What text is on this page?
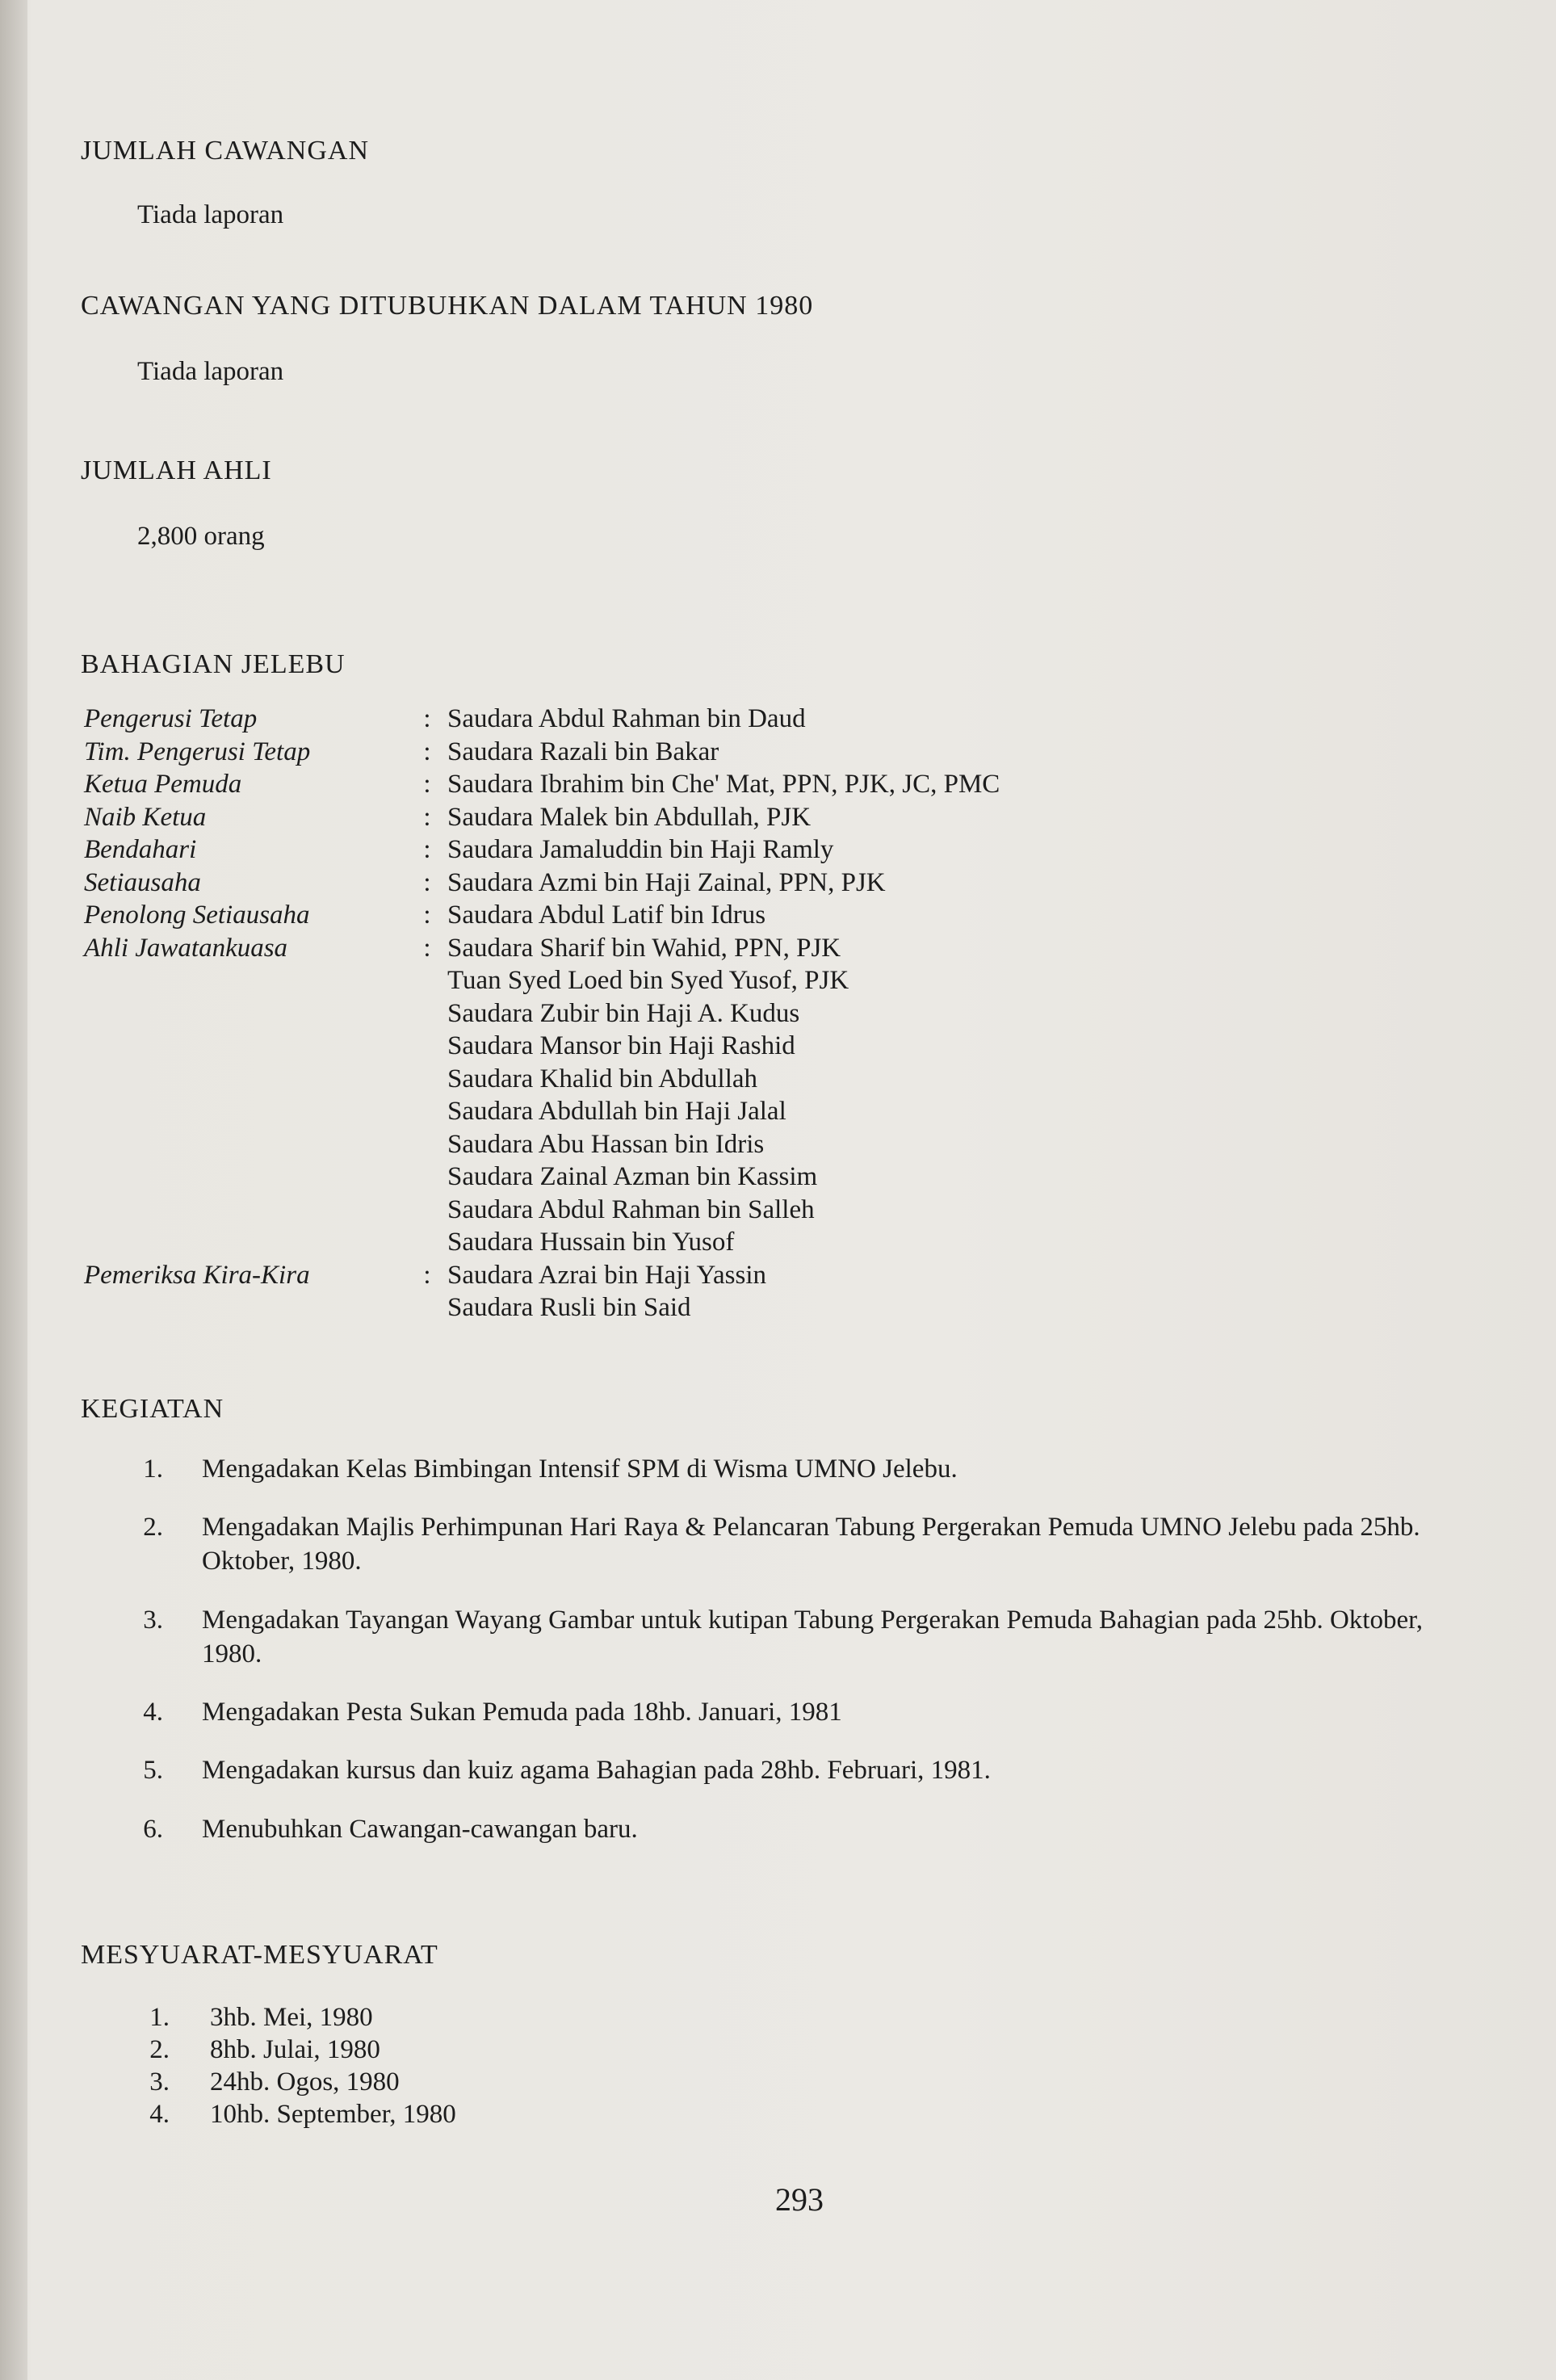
JUMLAH CAWANGAN
Tiada laporan
CAWANGAN YANG DITUBUHKAN DALAM TAHUN 1980
Tiada laporan
JUMLAH AHLI
2,800 orang
BAHAGIAN JELEBU
Pengerusi Tetap	: Saudara Abdul Rahman bin Daud
Tim. Pengerusi Tetap	: Saudara Razali bin Bakar
Ketua Pemuda	: Saudara Ibrahim bin Che' Mat, PPN, PJK, JC, PMC
Naib Ketua	: Saudara Malek bin Abdullah, PJK
Bendahari	: Saudara Jamaluddin bin Haji Ramly
Setiausaha	: Saudara Azmi bin Haji Zainal, PPN, PJK
Penolong Setiausaha	: Saudara Abdul Latif bin Idrus
Ahli Jawatankuasa	: Saudara Sharif bin Wahid, PPN, PJK
Tuan Syed Loed bin Syed Yusof, PJK
Saudara Zubir bin Haji A. Kudus
Saudara Mansor bin Haji Rashid
Saudara Khalid bin Abdullah
Saudara Abdullah bin Haji Jalal
Saudara Abu Hassan bin Idris
Saudara Zainal Azman bin Kassim
Saudara Abdul Rahman bin Salleh
Saudara Hussain bin Yusof
Pemeriksa Kira-Kira	: Saudara Azrai bin Haji Yassin
Saudara Rusli bin Said
KEGIATAN
1. Mengadakan Kelas Bimbingan Intensif SPM di Wisma UMNO Jelebu.
2. Mengadakan Majlis Perhimpunan Hari Raya & Pelancaran Tabung Pergerakan Pemuda UMNO Jelebu pada 25hb. Oktober, 1980.
3. Mengadakan Tayangan Wayang Gambar untuk kutipan Tabung Pergerakan Pemuda Bahagian pada 25hb. Oktober, 1980.
4. Mengadakan Pesta Sukan Pemuda pada 18hb. Januari, 1981
5. Mengadakan kursus dan kuiz agama Bahagian pada 28hb. Februari, 1981.
6. Menubuhkan Cawangan-cawangan baru.
MESYUARAT-MESYUARAT
1. 3hb. Mei, 1980
2. 8hb. Julai, 1980
3. 24hb. Ogos, 1980
4. 10hb. September, 1980
293
